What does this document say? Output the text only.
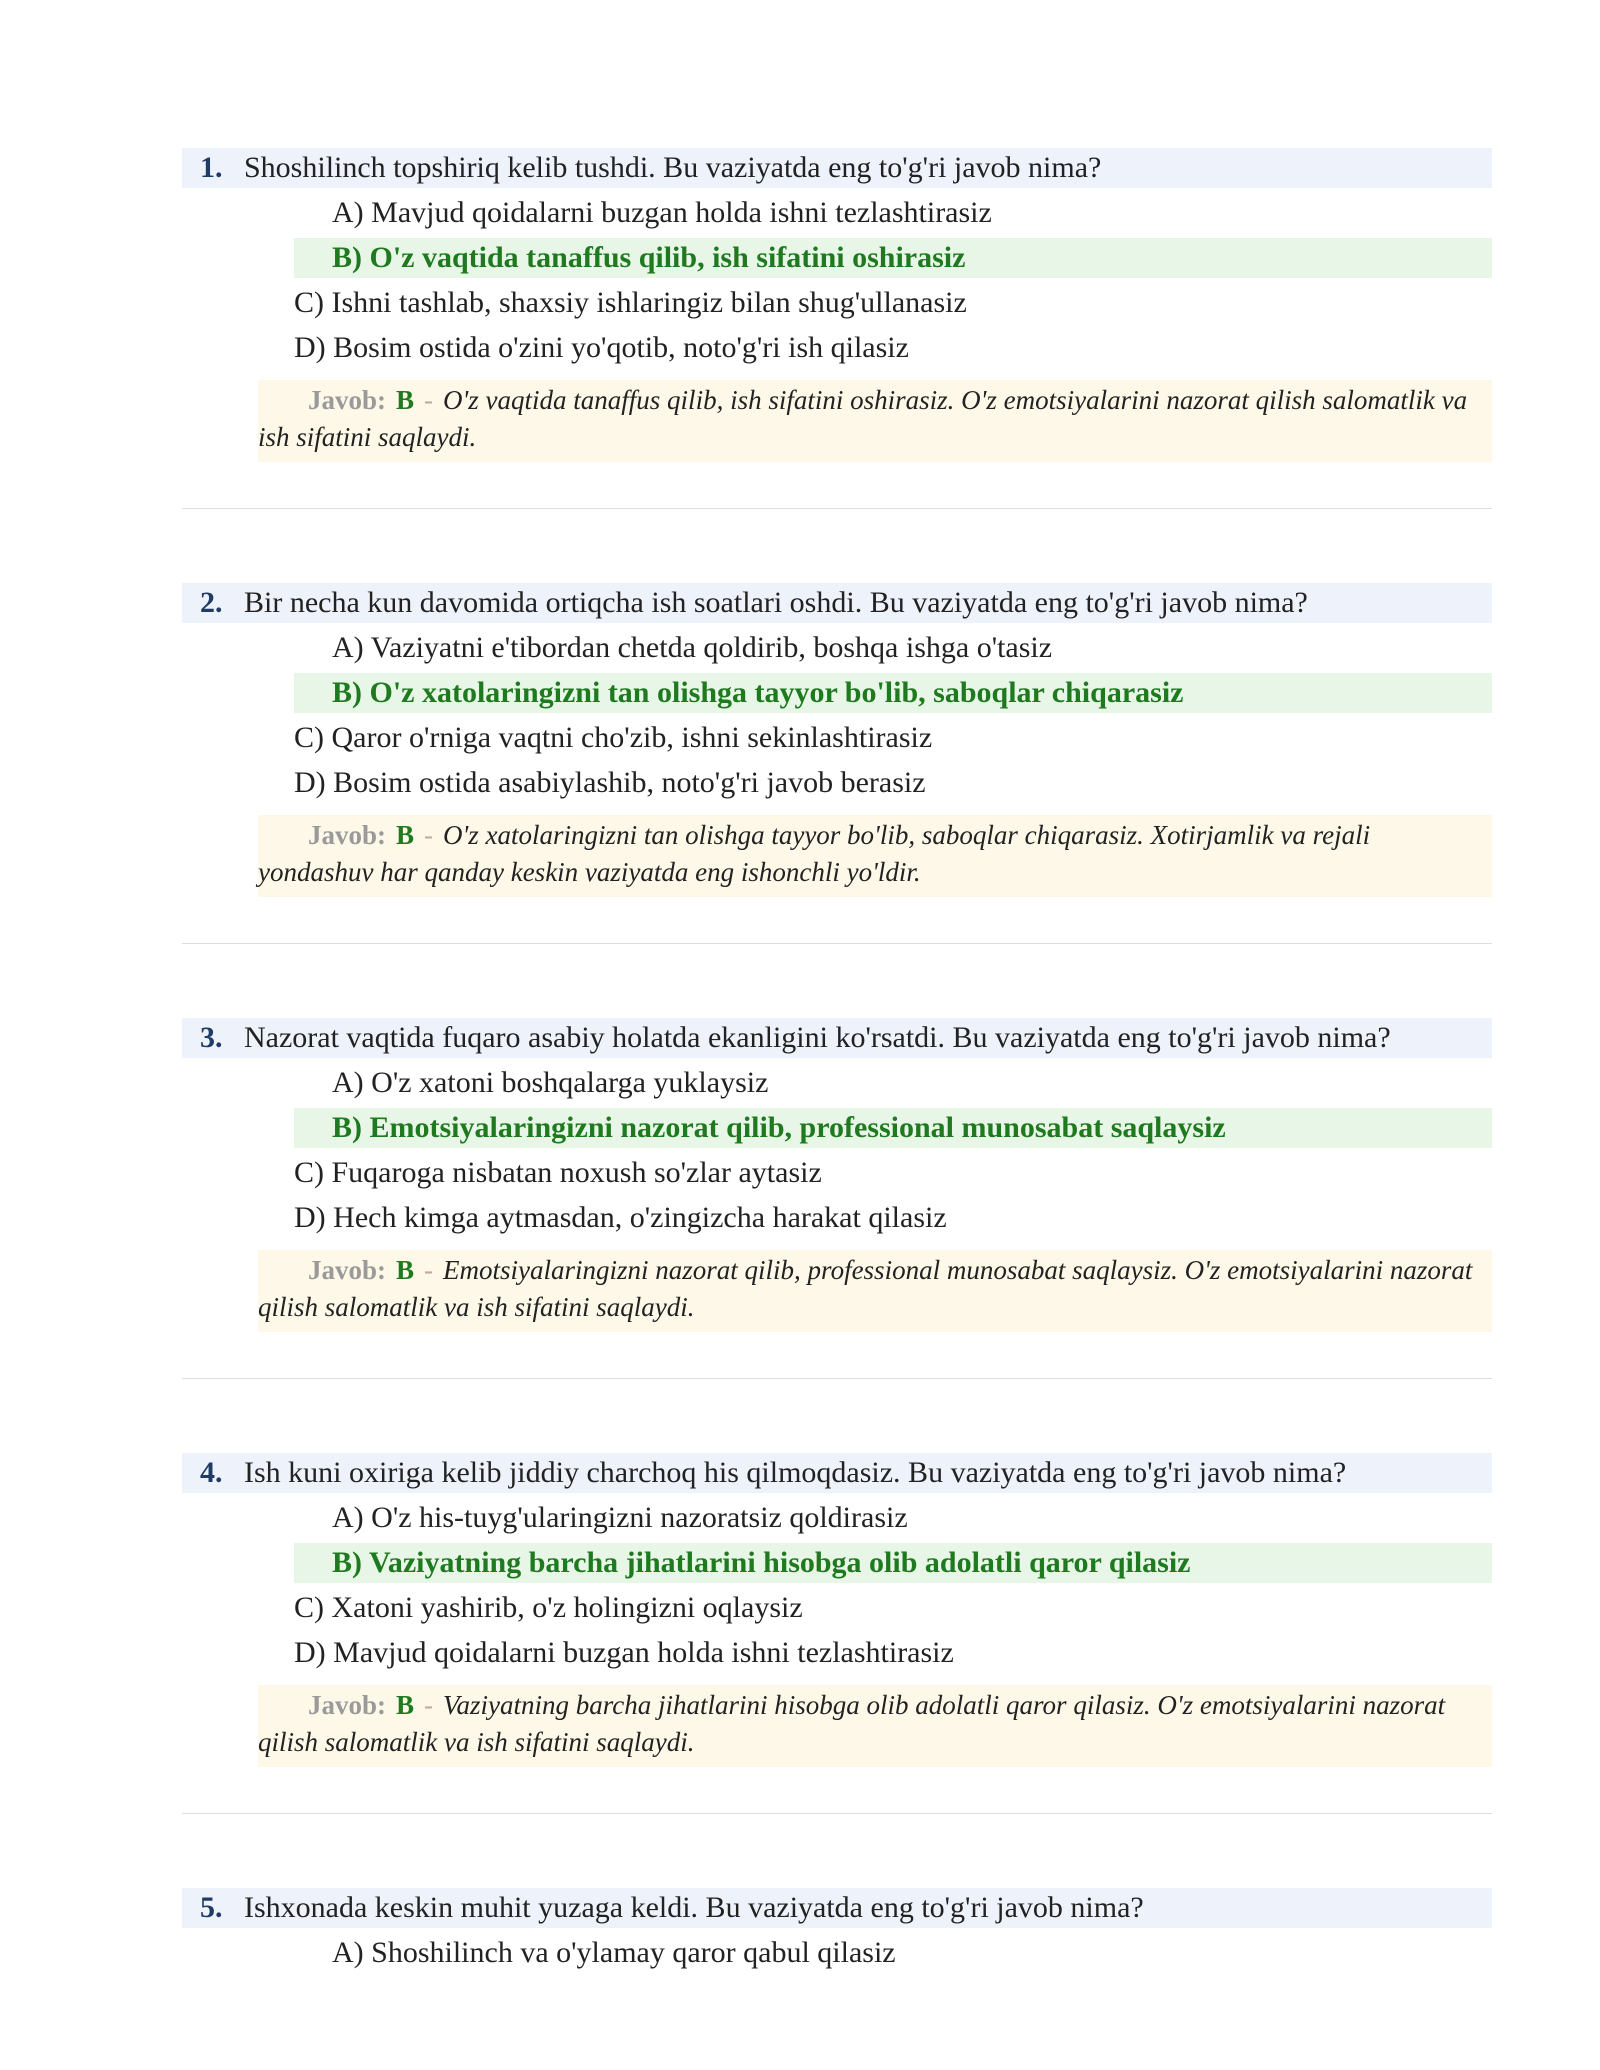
1. Shoshilinch topshiriq kelib tushdi. Bu vaziyatda eng to'g'ri javob nima?
A) Mavjud qoidalarni buzgan holda ishni tezlashtirasiz
B) O'z vaqtida tanaffus qilib, ish sifatini oshirasiz
C) Ishni tashlab, shaxsiy ishlaringiz bilan shug'ullanasiz
D) Bosim ostida o'zini yo'qotib, noto'g'ri ish qilasiz
Javob: B - O'z vaqtida tanaffus qilib, ish sifatini oshirasiz. O'z emotsiyalarini nazorat qilish salomatlik va ish sifatini saqlaydi.
2. Bir necha kun davomida ortiqcha ish soatlari oshdi. Bu vaziyatda eng to'g'ri javob nima?
A) Vaziyatni e'tibordan chetda qoldirib, boshqa ishga o'tasiz
B) O'z xatolaringizni tan olishga tayyor bo'lib, saboqlar chiqarasiz
C) Qaror o'rniga vaqtni cho'zib, ishni sekinlashtirasiz
D) Bosim ostida asabiylashib, noto'g'ri javob berasiz
Javob: B - O'z xatolaringizni tan olishga tayyor bo'lib, saboqlar chiqarasiz. Xotirjamlik va rejali yondashuv har qanday keskin vaziyatda eng ishonchli yo'ldir.
3. Nazorat vaqtida fuqaro asabiy holatda ekanligini ko'rsatdi. Bu vaziyatda eng to'g'ri javob nima?
A) O'z xatoni boshqalarga yuklaysiz
B) Emotsiyalaringizni nazorat qilib, professional munosabat saqlaysiz
C) Fuqaroga nisbatan noxush so'zlar aytasiz
D) Hech kimga aytmasdan, o'zingizcha harakat qilasiz
Javob: B - Emotsiyalaringizni nazorat qilib, professional munosabat saqlaysiz. O'z emotsiyalarini nazorat qilish salomatlik va ish sifatini saqlaydi.
4. Ish kuni oxiriga kelib jiddiy charchoq his qilmoqdasiz. Bu vaziyatda eng to'g'ri javob nima?
A) O'z his-tuyg'ularingizni nazoratsiz qoldirasiz
B) Vaziyatning barcha jihatlarini hisobga olib adolatli qaror qilasiz
C) Xatoni yashirib, o'z holingizni oqlaysiz
D) Mavjud qoidalarni buzgan holda ishni tezlashtirasiz
Javob: B - Vaziyatning barcha jihatlarini hisobga olib adolatli qaror qilasiz. O'z emotsiyalarini nazorat qilish salomatlik va ish sifatini saqlaydi.
5. Ishxonada keskin muhit yuzaga keldi. Bu vaziyatda eng to'g'ri javob nima?
A) Shoshilinch va o'ylamay qaror qabul qilasiz
